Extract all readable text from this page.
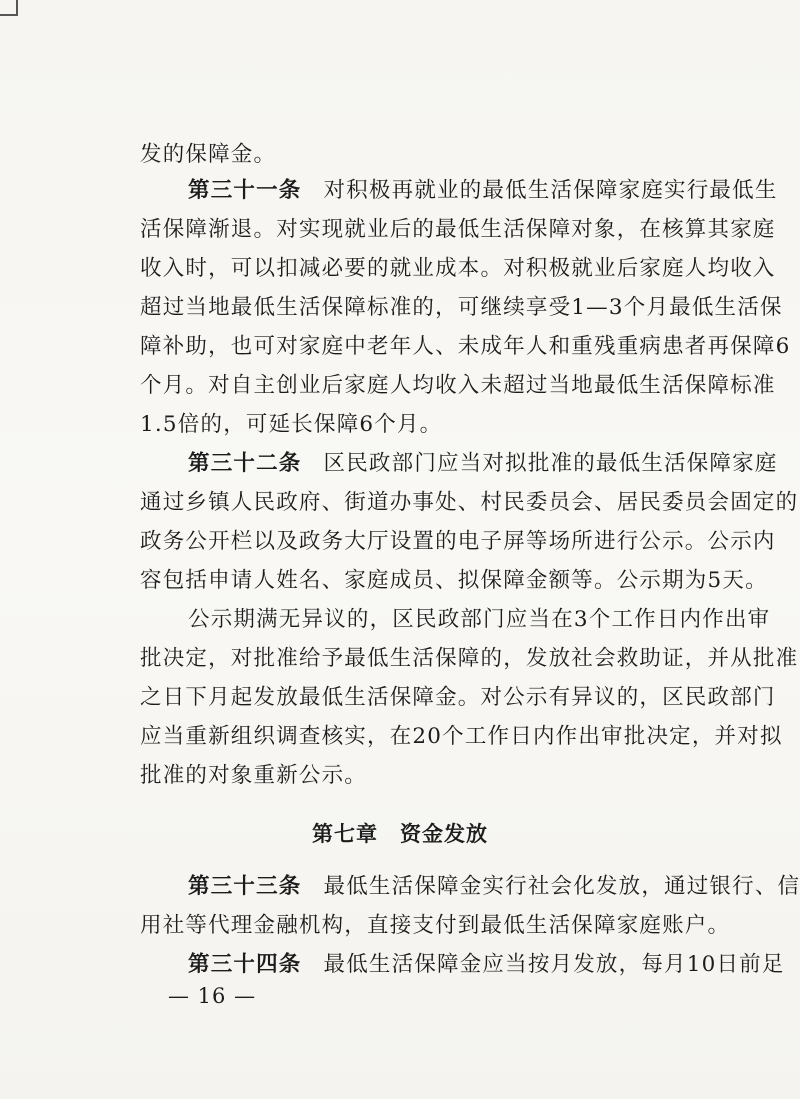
发的保障金。
第三十一条 对积极再就业的最低生活保障家庭实行最低生
活保障渐退。对实现就业后的最低生活保障对象，在核算其家庭
收入时，可以扣减必要的就业成本。对积极就业后家庭人均收入
超过当地最低生活保障标准的，可继续享受1—3个月最低生活保
障补助，也可对家庭中老年人、未成年人和重残重病患者再保障6
个月。对自主创业后家庭人均收入未超过当地最低生活保障标准
1.5倍的，可延长保障6个月。
第三十二条 区民政部门应当对拟批准的最低生活保障家庭
通过乡镇人民政府、街道办事处、村民委员会、居民委员会固定的
政务公开栏以及政务大厅设置的电子屏等场所进行公示。公示内
容包括申请人姓名、家庭成员、拟保障金额等。公示期为5天。
公示期满无异议的，区民政部门应当在3个工作日内作出审
批决定，对批准给予最低生活保障的，发放社会救助证，并从批准
之日下月起发放最低生活保障金。对公示有异议的，区民政部门
应当重新组织调查核实，在20个工作日内作出审批决定，并对拟
批准的对象重新公示。
第七章　资金发放
第三十三条 最低生活保障金实行社会化发放，通过银行、信
用社等代理金融机构，直接支付到最低生活保障家庭账户。
第三十四条 最低生活保障金应当按月发放，每月10日前足
— 16 —
